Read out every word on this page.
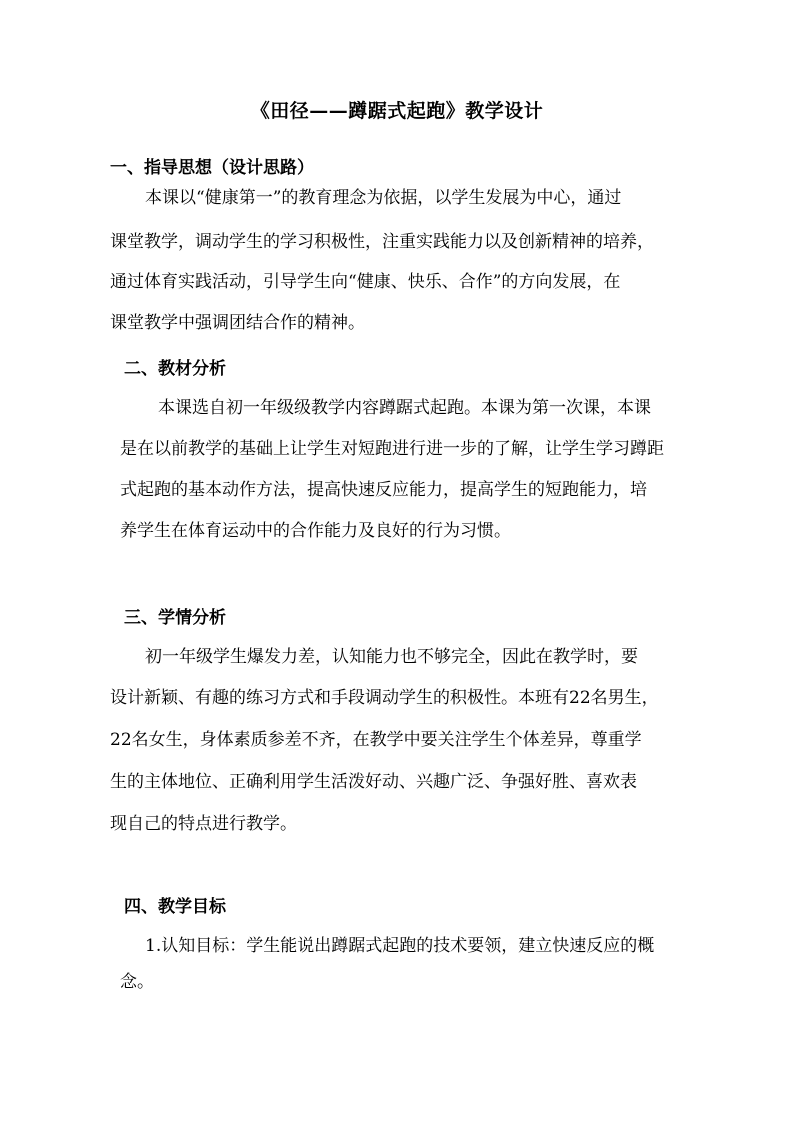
《田径——蹲踞式起跑》教学设计
一、指导思想（设计思路）
本课以“健康第一”的教育理念为依据，以学生发展为中心，通过
课堂教学，调动学生的学习积极性，注重实践能力以及创新精神的培养，
通过体育实践活动，引导学生向“健康、快乐、合作”的方向发展，在
课堂教学中强调团结合作的精神。
二、教材分析
本课选自初一年级级教学内容蹲踞式起跑。本课为第一次课，本课
是在以前教学的基础上让学生对短跑进行进一步的了解，让学生学习蹲距
式起跑的基本动作方法，提高快速反应能力，提高学生的短跑能力，培
养学生在体育运动中的合作能力及良好的行为习惯。
三、学情分析
初一年级学生爆发力差，认知能力也不够完全，因此在教学时，要
设计新颖、有趣的练习方式和手段调动学生的积极性。本班有22名男生，
22名女生，身体素质参差不齐，在教学中要关注学生个体差异，尊重学
生的主体地位、正确利用学生活泼好动、兴趣广泛、争强好胜、喜欢表
现自己的特点进行教学。
四、教学目标
1.认知目标：学生能说出蹲踞式起跑的技术要领，建立快速反应的概
念。
